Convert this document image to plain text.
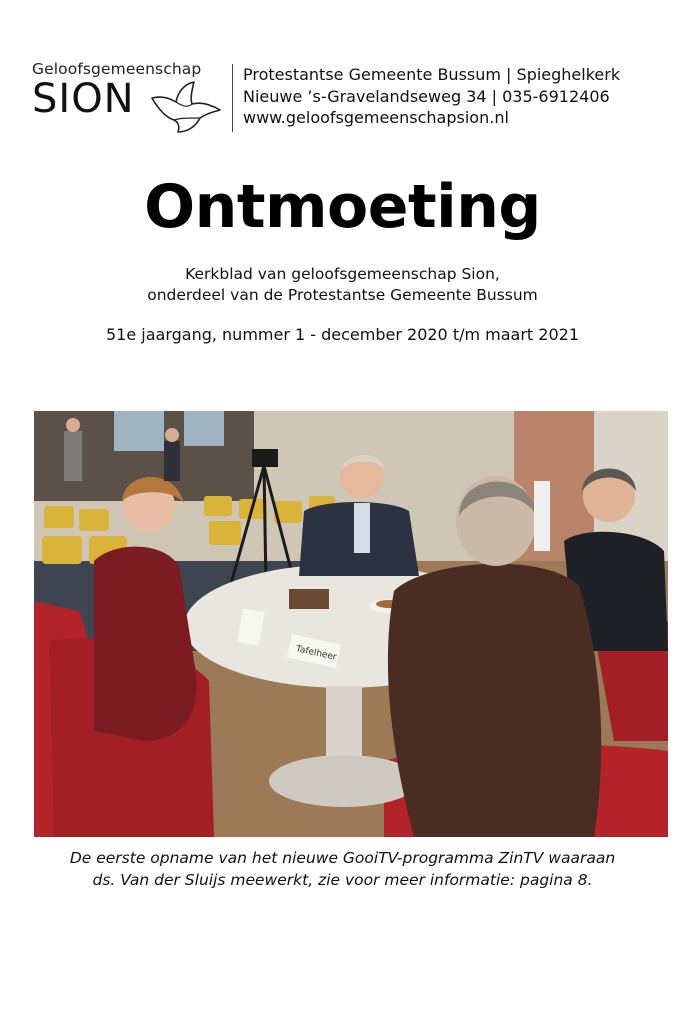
Geloofsgemeenschap
SION
Protestantse Gemeente Bussum | Spieghelkerk
Nieuwe ’s-Gravelandseweg 34 | 035-6912406
www.geloofsgemeenschapsion.nl
Ontmoeting
Kerkblad van geloofsgemeenschap Sion,
onderdeel van de Protestantse Gemeente Bussum
51e jaargang, nummer 1 - december 2020 t/m maart 2021
Tafelheer
De eerste opname van het nieuwe GooiTV-programma ZinTV waaraan
ds. Van der Sluijs meewerkt, zie voor meer informatie: pagina 8.
